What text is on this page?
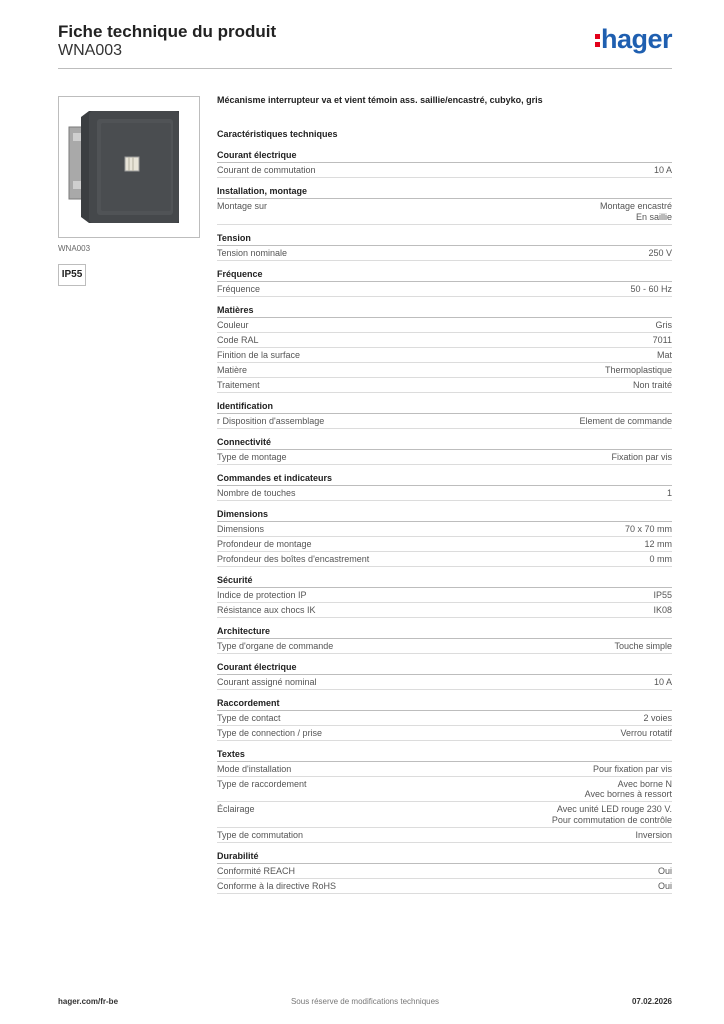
Fiche technique du produit
WNA003	hager
WNA003
IP55
Mécanisme interrupteur va et vient témoin ass. saillie/encastré, cubyko, gris
Caractéristiques techniques
Courant électrique
Courant de commutation	10 A
Installation, montage
Montage sur	Montage encastré
En saillie
Tension
Tension nominale	250 V
Fréquence
Fréquence	50 - 60 Hz
Matières
Couleur	Gris
Code RAL	7011
Finition de la surface	Mat
Matière	Thermoplastique
Traitement	Non traité
Identification
r Disposition d'assemblage	Element de commande
Connectivité
Type de montage	Fixation par vis
Commandes et indicateurs
Nombre de touches	1
Dimensions
Dimensions	70 x 70 mm
Profondeur de montage	12 mm
Profondeur des boîtes d'encastrement	0 mm
Sécurité
Indice de protection IP	IP55
Résistance aux chocs IK	IK08
Architecture
Type d'organe de commande	Touche simple
Courant électrique
Courant assigné nominal	10 A
Raccordement
Type de contact	2 voies
Type de connection / prise	Verrou rotatif
Textes
Mode d'installation	Pour fixation par vis
Type de raccordement	Avec borne N
Avec bornes à ressort
Éclairage	Avec unité LED rouge 230 V.
Pour commutation de contrôle
Type de commutation	Inversion
Durabilité
Conformité REACH	Oui
Conforme à la directive RoHS	Oui
hager.com/fr-be	Sous réserve de modifications techniques	07.02.2026
